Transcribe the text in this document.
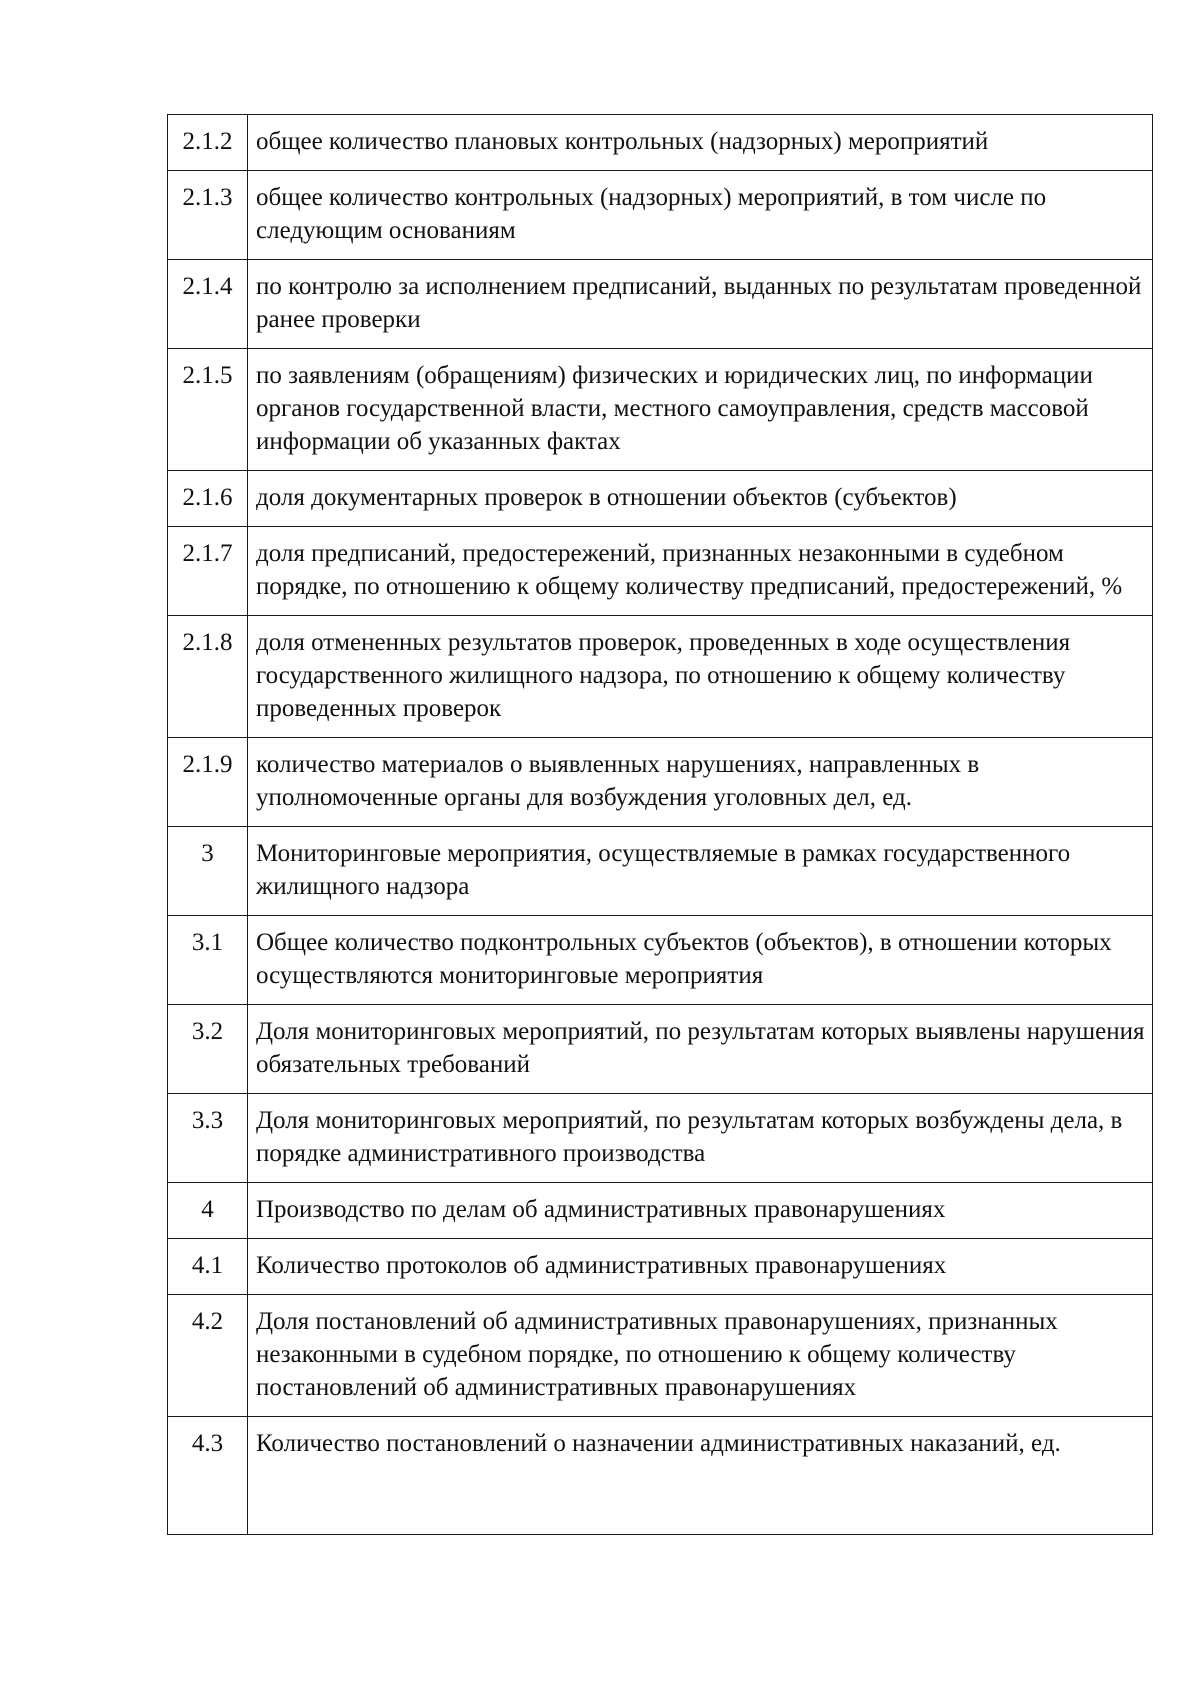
2.1.2	общее количество плановых контрольных (надзорных) мероприятий
2.1.3	общее количество контрольных (надзорных) мероприятий, в том числе по следующим основаниям
2.1.4	по контролю за исполнением предписаний, выданных по результатам проведенной ранее проверки
2.1.5	по заявлениям (обращениям) физических и юридических лиц, по информации органов государственной власти, местного самоуправления, средств массовой информации об указанных фактах
2.1.6	доля документарных проверок в отношении объектов (субъектов)
2.1.7	доля предписаний, предостережений, признанных незаконными в судебном порядке, по отношению к общему количеству предписаний, предостережений, %
2.1.8	доля отмененных результатов проверок, проведенных в ходе осуществления государственного жилищного надзора, по отношению к общему количеству проведенных проверок
2.1.9	количество материалов о выявленных нарушениях, направленных в уполномоченные органы для возбуждения уголовных дел, ед.
3	Мониторинговые мероприятия, осуществляемые в рамках государственного жилищного надзора
3.1	Общее количество подконтрольных субъектов (объектов), в отношении которых осуществляются мониторинговые мероприятия
3.2	Доля мониторинговых мероприятий, по результатам которых выявлены нарушения обязательных требований
3.3	Доля мониторинговых мероприятий, по результатам которых возбуждены дела, в порядке административного производства
4	Производство по делам об административных правонарушениях
4.1	Количество протоколов об административных правонарушениях
4.2	Доля постановлений об административных правонарушениях, признанных незаконными в судебном порядке, по отношению к общему количеству постановлений об административных правонарушениях
4.3	Количество постановлений о назначении административных наказаний, ед.
